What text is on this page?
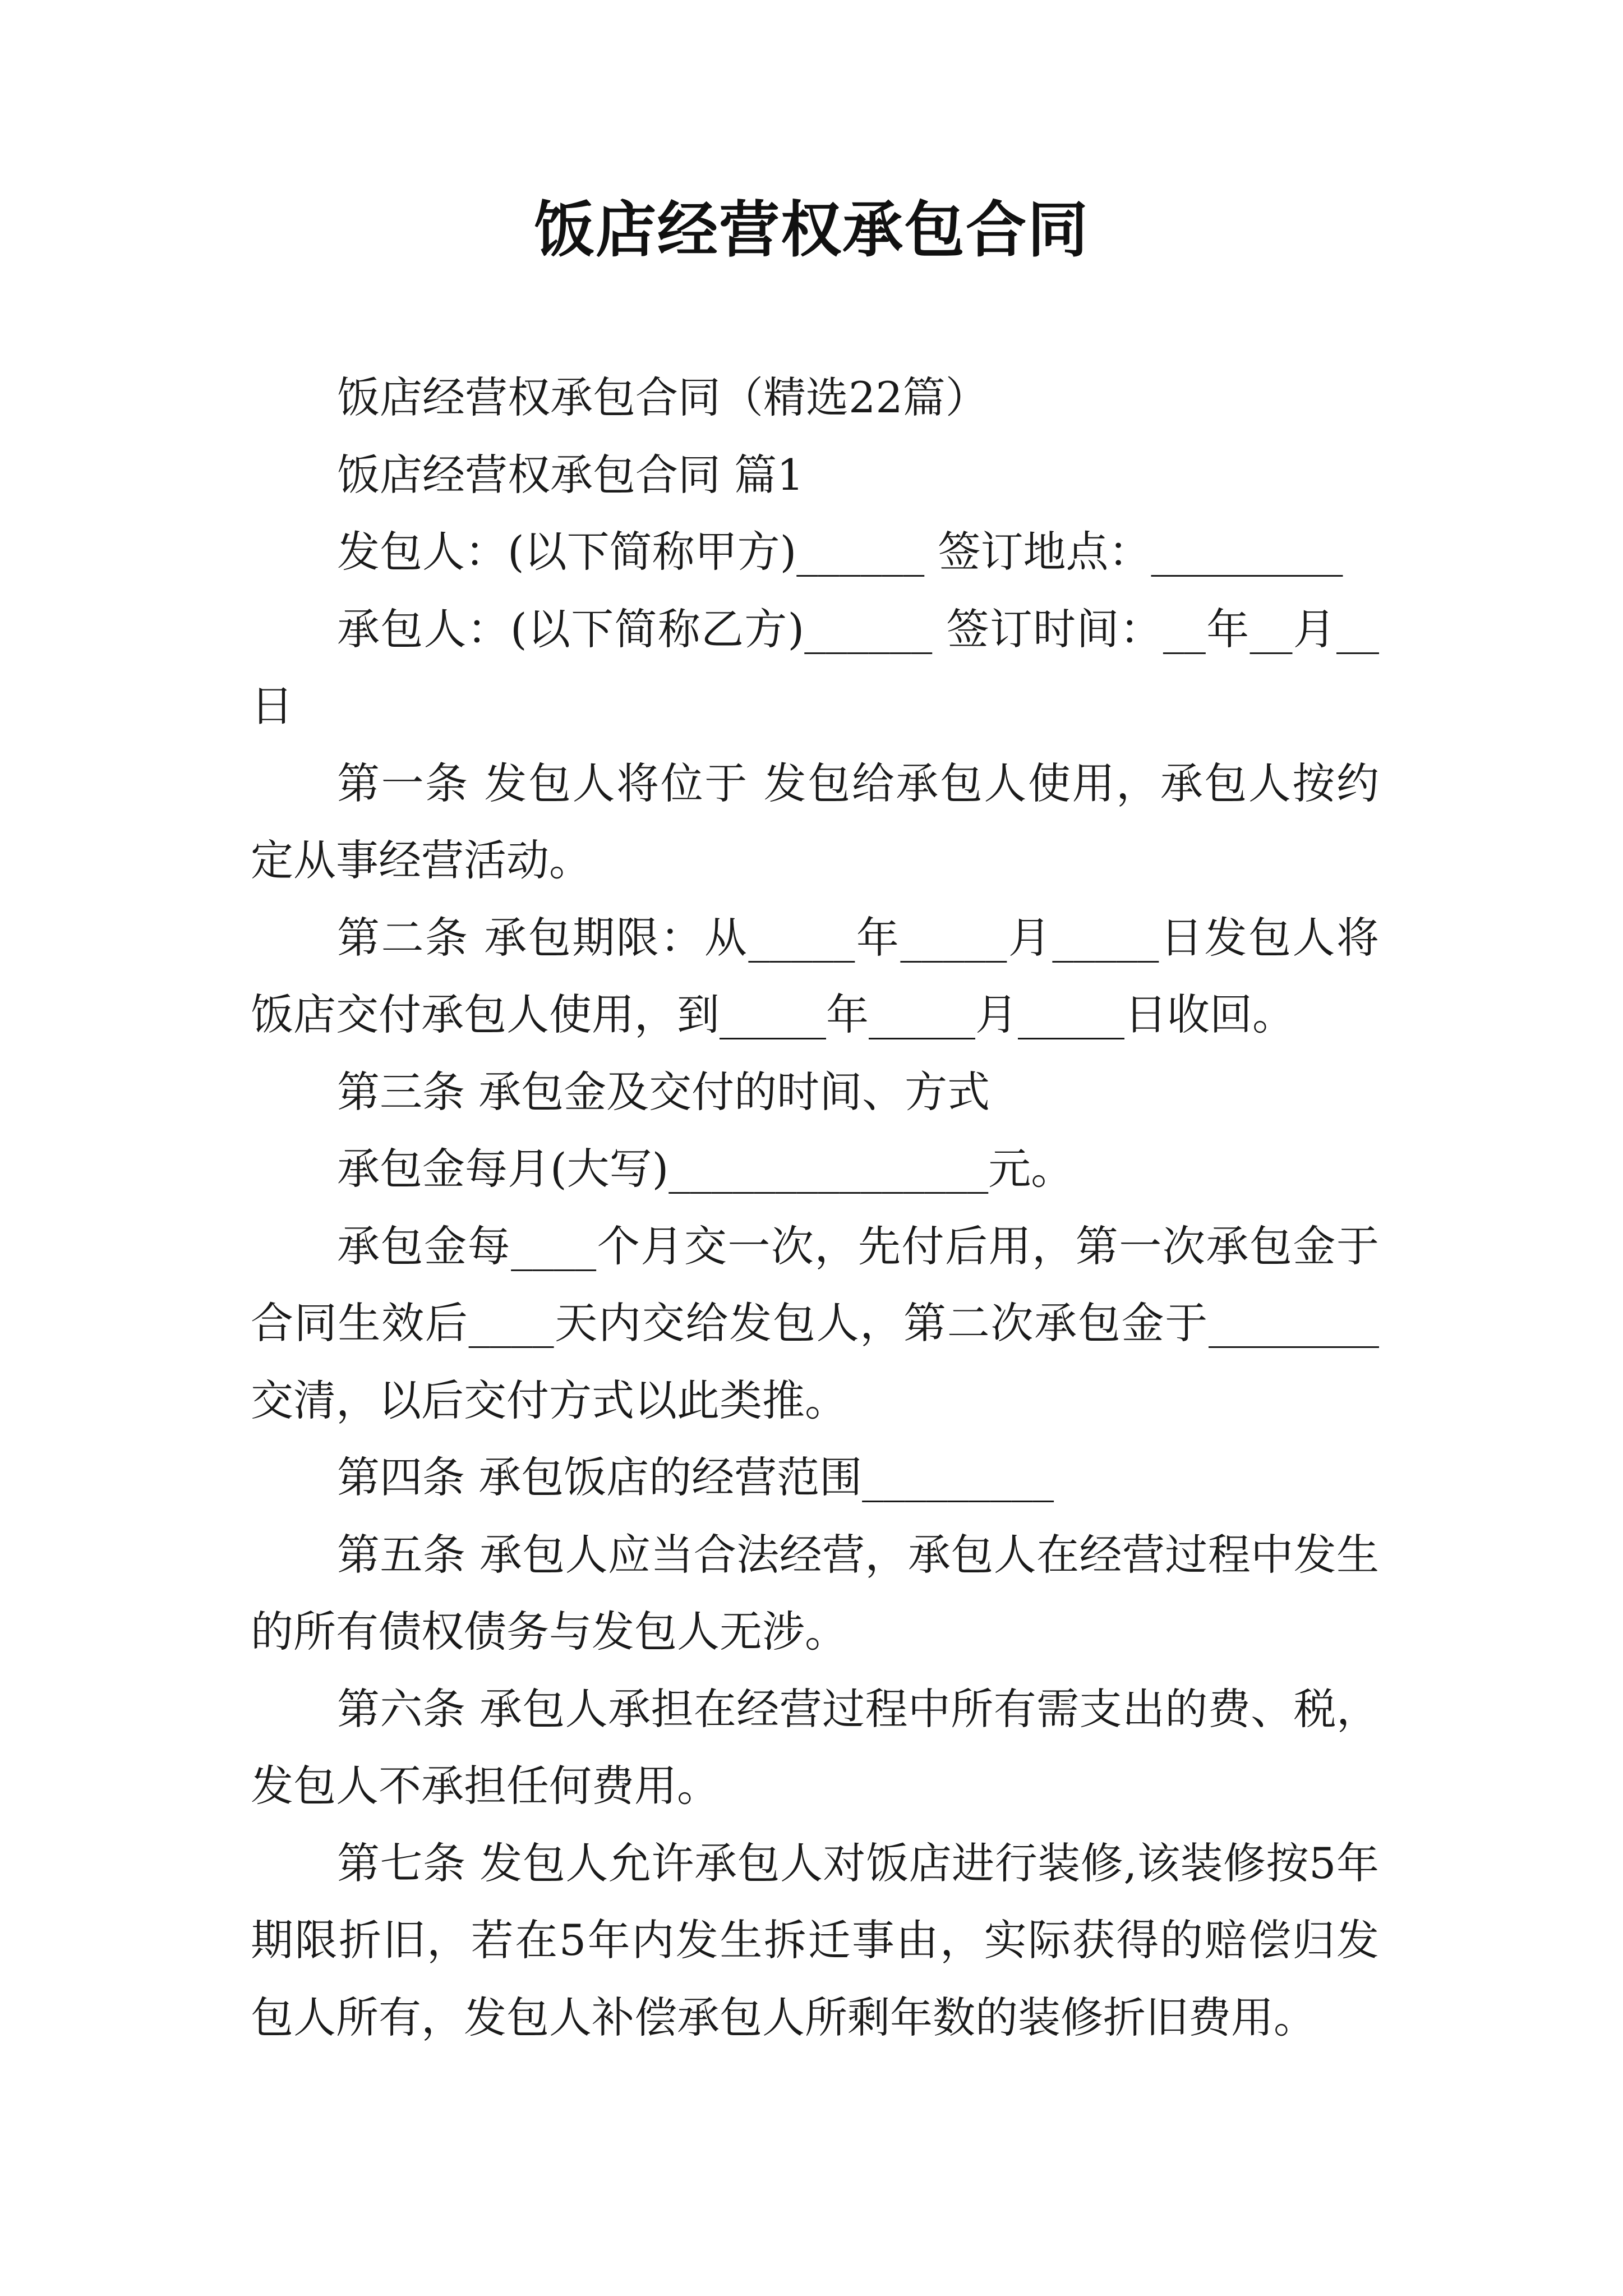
饭店经营权承包合同

饭店经营权承包合同（精选22篇）

饭店经营权承包合同 篇1

发包人：(以下简称甲方)______ 签订地点：_________

承包人：(以下简称乙方)______ 签订时间：__年__月__日

第一条 发包人将位于 发包给承包人使用，承包人按约定从事经营活动。

第二条 承包期限：从_____年_____月_____日发包人将饭店交付承包人使用，到_____年_____月_____日收回。

第三条 承包金及交付的时间、方式

承包金每月(大写)_______________元。

承包金每____个月交一次，先付后用，第一次承包金于合同生效后____天内交给发包人，第二次承包金于________交清，以后交付方式以此类推。

第四条 承包饭店的经营范围_________

第五条 承包人应当合法经营，承包人在经营过程中发生的所有债权债务与发包人无涉。

第六条 承包人承担在经营过程中所有需支出的费、税，发包人不承担任何费用。

第七条 发包人允许承包人对饭店进行装修,该装修按5年期限折旧，若在5年内发生拆迁事由，实际获得的赔偿归发包人所有，发包人补偿承包人所剩年数的装修折旧费用。
